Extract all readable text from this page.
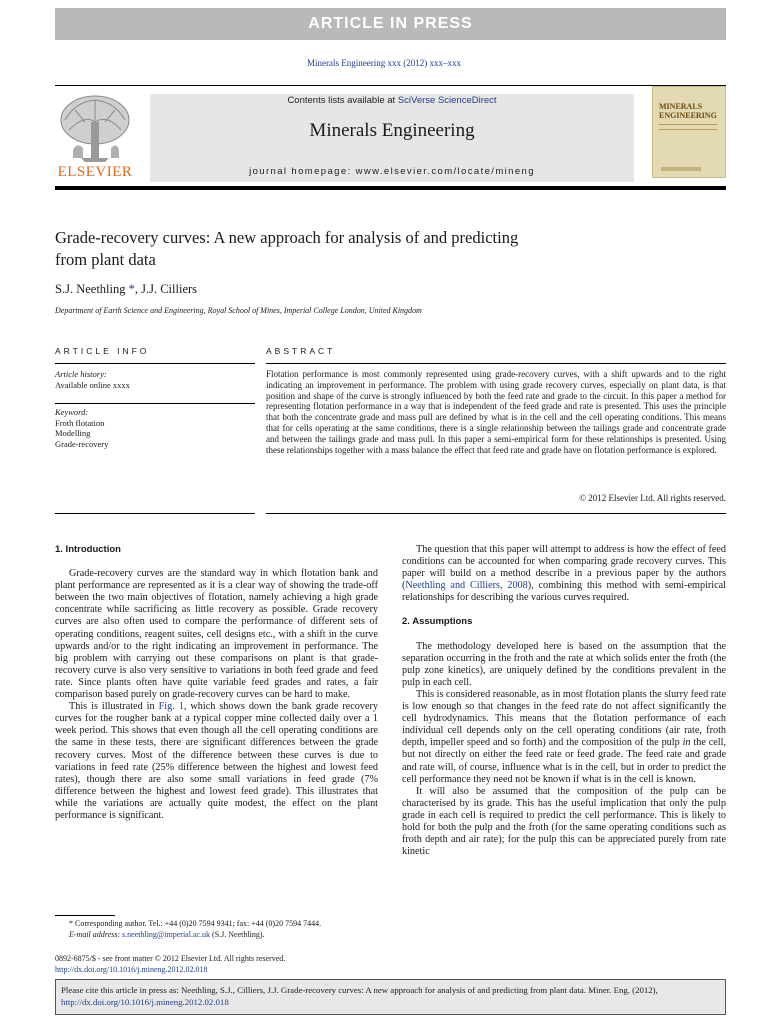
ARTICLE IN PRESS
Minerals Engineering xxx (2012) xxx–xxx
ELSEVIER
Contents lists available at SciVerse ScienceDirect
Minerals Engineering
journal homepage: www.elsevier.com/locate/mineng
MINERALS
ENGINEERING
Grade-recovery curves: A new approach for analysis of and predicting
from plant data
S.J. Neethling *, J.J. Cilliers
Department of Earth Science and Engineering, Royal School of Mines, Imperial College London, United Kingdom
ARTICLE INFO	ABSTRACT
Article history:
Available online xxxx
Keyword:
Froth flotation
Modelling
Grade-recovery
Flotation performance is most commonly represented using grade-recovery curves, with a shift upwards and to the right indicating an improvement in performance. The problem with using grade recovery curves, especially on plant data, is that position and shape of the curve is strongly influenced by both the feed rate and grade to the circuit. In this paper a method for representing flotation performance in a way that is independent of the feed grade and rate is presented. This uses the principle that both the concentrate grade and mass pull are defined by what is in the cell and the cell operating conditions. This means that for cells operating at the same conditions, there is a single relationship between the tailings grade and concentrate grade and between the tailings grade and mass pull. In this paper a semi-empirical form for these relationships is presented. Using these relationships together with a mass balance the effect that feed rate and grade have on flotation performance is explored.
© 2012 Elsevier Ltd. All rights reserved.
1. Introduction

Grade-recovery curves are the standard way in which flotation bank and plant performance are represented as it is a clear way of showing the trade-off between the two main objectives of flotation, namely achieving a high grade concentrate while sacrificing as little recovery as possible. Grade recovery curves are also often used to compare the performance of different sets of operating conditions, reagent suites, cell designs etc., with a shift in the curve upwards and/or to the right indicating an improvement in performance. The big problem with carrying out these comparisons on plant is that grade-recovery curve is also very sensitive to variations in both feed grade and feed rate. Since plants often have quite variable feed grades and rates, a fair comparison based purely on grade-recovery curves can be hard to make.

This is illustrated in Fig. 1, which shows down the bank grade recovery curves for the rougher bank at a typical copper mine collected daily over a 1 week period. This shows that even though all the cell operating conditions are the same in these tests, there are significant differences between the grade recovery curves. Most of the difference between these curves is due to variations in feed rate (25% difference between the highest and lowest feed rates), though there are also some small variations in feed grade (7% difference between the highest and lowest feed grade). This illustrates that while the variations are actually quite modest, the effect on the plant performance is significant.

The question that this paper will attempt to address is how the effect of feed conditions can be accounted for when comparing grade recovery curves. This paper will build on a method describe in a previous paper by the authors (Neethling and Cilliers, 2008), combining this method with semi-empirical relationships for describing the various curves required.

2. Assumptions

The methodology developed here is based on the assumption that the separation occurring in the froth and the rate at which solids enter the froth (the pulp zone kinetics), are uniquely defined by the conditions prevalent in the pulp in each cell.

This is considered reasonable, as in most flotation plants the slurry feed rate is low enough so that changes in the feed rate do not affect significantly the cell hydrodynamics. This means that the flotation performance of each individual cell depends only on the cell operating conditions (air rate, froth depth, impeller speed and so forth) and the composition of the pulp in the cell, but not directly on either the feed rate or feed grade. The feed rate and grade and rate will, of course, influence what is in the cell, but in order to predict the cell performance they need not be known if what is in the cell is known.

It will also be assumed that the composition of the pulp can be characterised by its grade. This has the useful implication that only the pulp grade in each cell is required to predict the cell performance. This is likely to hold for both the pulp and the froth (for the same operating conditions such as froth depth and air rate); for the pulp this can be appreciated purely from rate kinetic

* Corresponding author. Tel.: +44 (0)20 7594 9341; fax: +44 (0)20 7594 7444.
E-mail address: s.neethling@imperial.ac.uk (S.J. Neethling).
0892-6875/$ - see front matter © 2012 Elsevier Ltd. All rights reserved.
http://dx.doi.org/10.1016/j.mineng.2012.02.018
Please cite this article in press as: Neethling, S.J., Cilliers, J.J. Grade-recovery curves: A new approach for analysis of and predicting from plant data. Miner. Eng. (2012), http://dx.doi.org/10.1016/j.mineng.2012.02.018
